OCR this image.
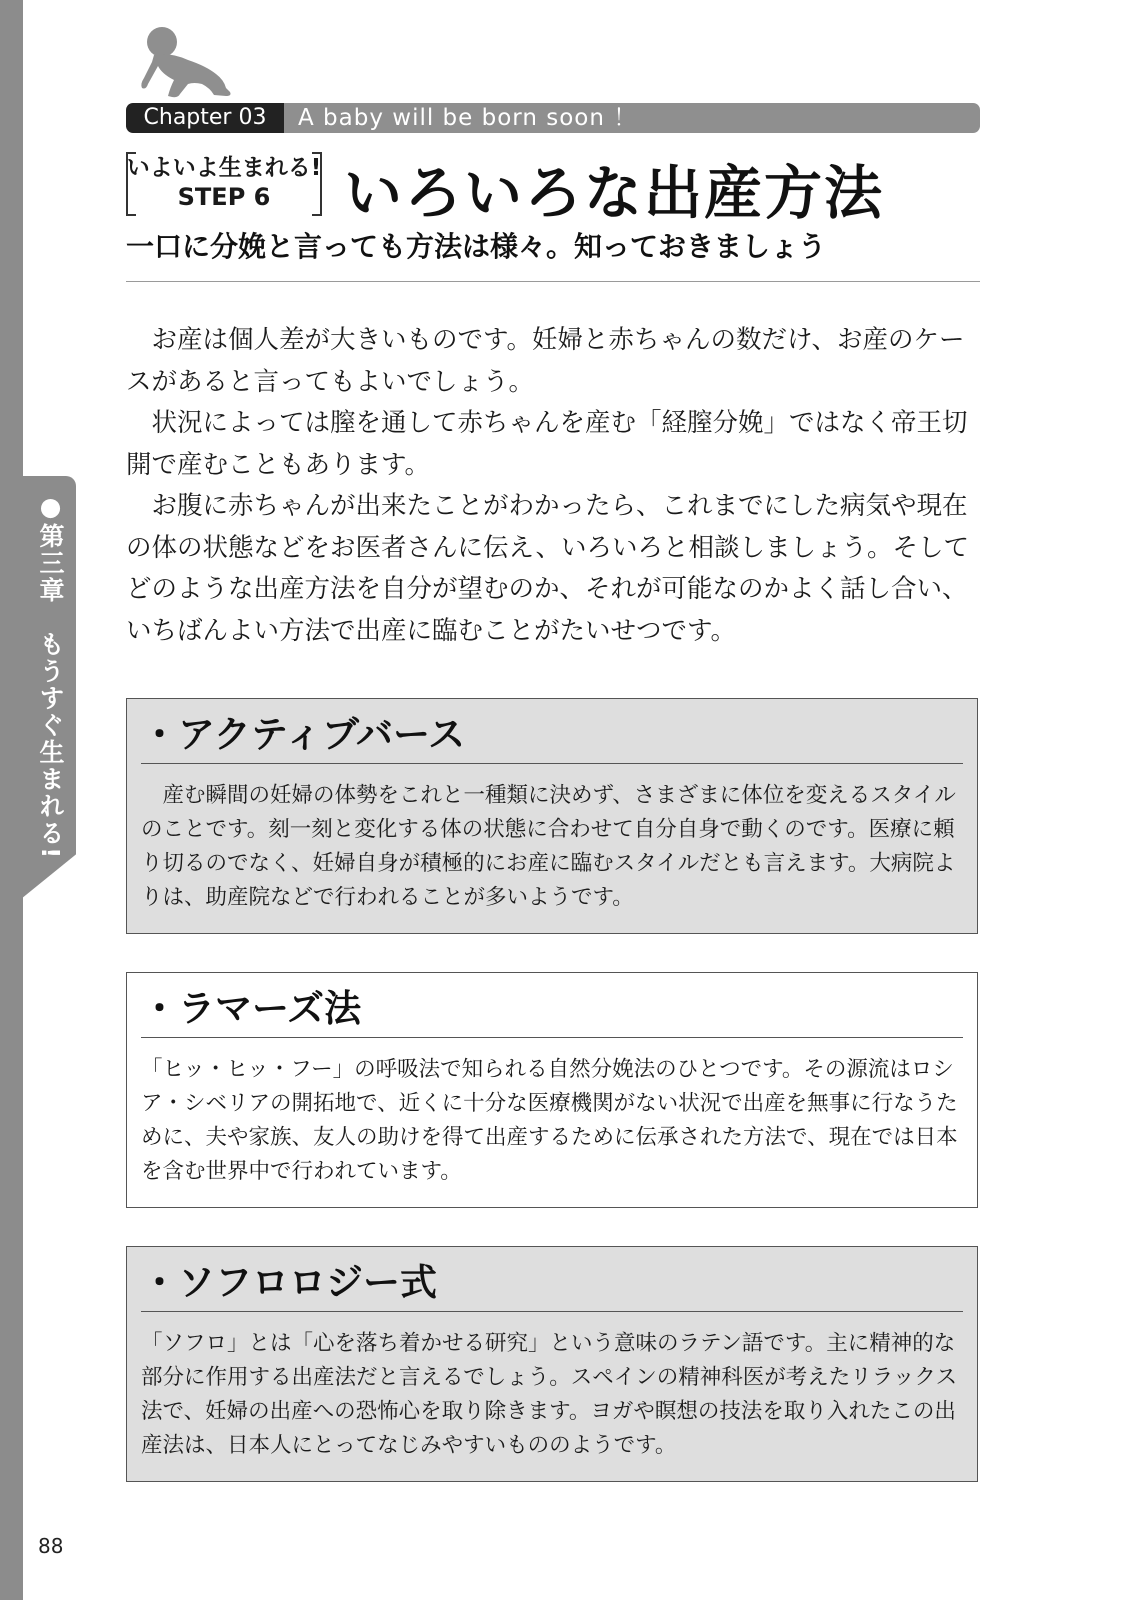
●第三章　もうすぐ生まれる!
Chapter 03	A baby will be born soon ！
いよいよ生まれる!
STEP 6	いろいろな出産方法
一口に分娩と言っても方法は様々。知っておきましょう

お産は個人差が大きいものです。妊婦と赤ちゃんの数だけ、お産のケースがあると言ってもよいでしょう。

状況によっては膣を通して赤ちゃんを産む「経膣分娩」ではなく帝王切開で産むこともあります。

お腹に赤ちゃんが出来たことがわかったら、これまでにした病気や現在の体の状態などをお医者さんに伝え、いろいろと相談しましょう。そしてどのような出産方法を自分が望むのか、それが可能なのかよく話し合い、いちばんよい方法で出産に臨むことがたいせつです。

・アクティブバース
産む瞬間の妊婦の体勢をこれと一種類に決めず、さまざまに体位を変えるスタイルのことです。刻一刻と変化する体の状態に合わせて自分自身で動くのです。医療に頼り切るのでなく、妊婦自身が積極的にお産に臨むスタイルだとも言えます。大病院よりは、助産院などで行われることが多いようです。
・ラマーズ法
「ヒッ・ヒッ・フー」の呼吸法で知られる自然分娩法のひとつです。その源流はロシア・シベリアの開拓地で、近くに十分な医療機関がない状況で出産を無事に行なうために、夫や家族、友人の助けを得て出産するために伝承された方法で、現在では日本を含む世界中で行われています。
・ソフロロジー式
「ソフロ」とは「心を落ち着かせる研究」という意味のラテン語です。主に精神的な部分に作用する出産法だと言えるでしょう。スペインの精神科医が考えたリラックス法で、妊婦の出産への恐怖心を取り除きます。ヨガや瞑想の技法を取り入れたこの出産法は、日本人にとってなじみやすいもののようです。
88
